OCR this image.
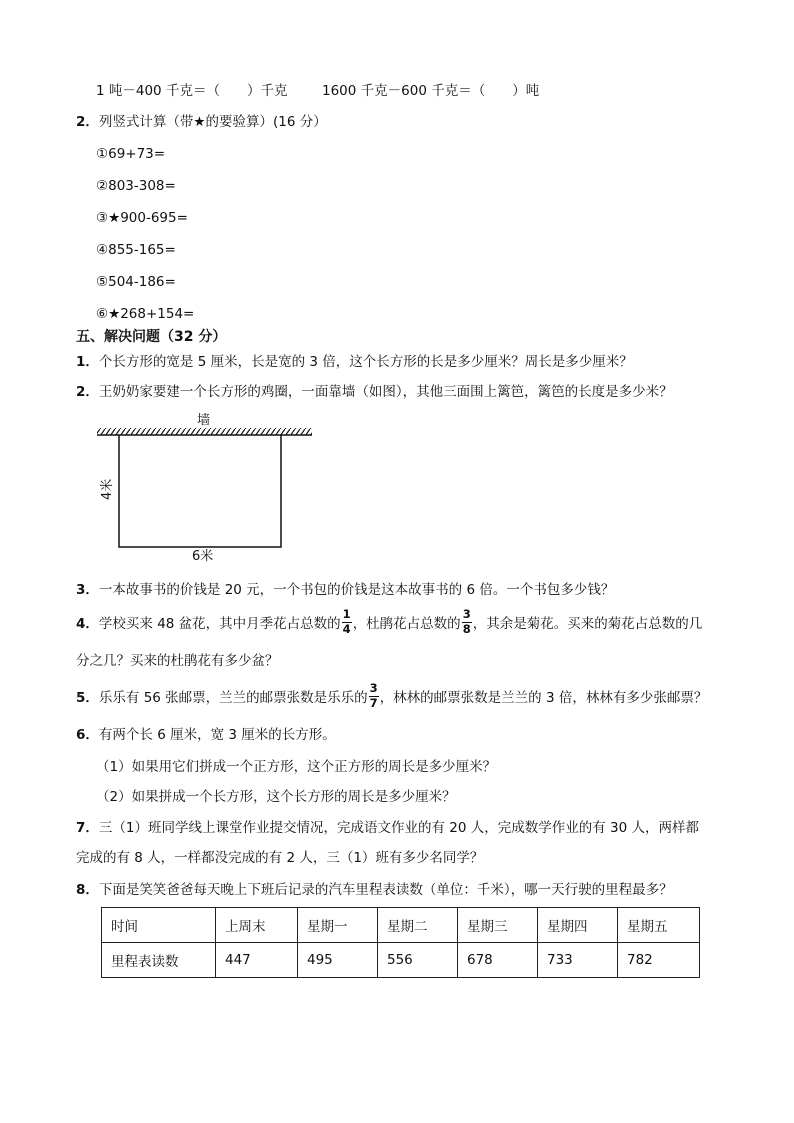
1 吨－400 千克＝（　　）千克	1600 千克－600 千克＝（　　）吨
2．列竖式计算（带★的要验算）(16 分）
①69+73=
②803-308=
③★900-695=
④855-165=
⑤504-186=
⑥★268+154=
五、解决问题（32 分）
1．个长方形的宽是 5 厘米，长是宽的 3 倍，这个长方形的长是多少厘米？周长是多少厘米？
2．王奶奶家要建一个长方形的鸡圈，一面靠墙（如图），其他三面围上篱笆，篱笆的长度是多少米？
墙
4米
6米
3．一本故事书的价钱是 20 元，一个书包的价钱是这本故事书的 6 倍。一个书包多少钱？
4．学校买来 48 盆花，其中月季花占总数的 $\frac{1}{4}$ ，杜鹃花占总数的 $\frac{3}{8}$ ，其余是菊花。买来的菊花占总数的几
分之几？买来的杜鹃花有多少盆？
5．乐乐有 56 张邮票，兰兰的邮票张数是乐乐的 $\frac{3}{7}$ ，林林的邮票张数是兰兰的 3 倍，林林有多少张邮票？
6．有两个长 6 厘米，宽 3 厘米的长方形。
（1）如果用它们拼成一个正方形，这个正方形的周长是多少厘米？
（2）如果拼成一个长方形，这个长方形的周长是多少厘米？
7．三（1）班同学线上课堂作业提交情况，完成语文作业的有 20 人，完成数学作业的有 30 人，两样都
完成的有 8 人，一样都没完成的有 2 人，三（1）班有多少名同学？
8．下面是笑笑爸爸每天晚上下班后记录的汽车里程表读数（单位：千米），哪一天行驶的里程最多？
时间	上周末	星期一	星期二	星期三	星期四	星期五
里程表读数	447	495	556	678	733	782
